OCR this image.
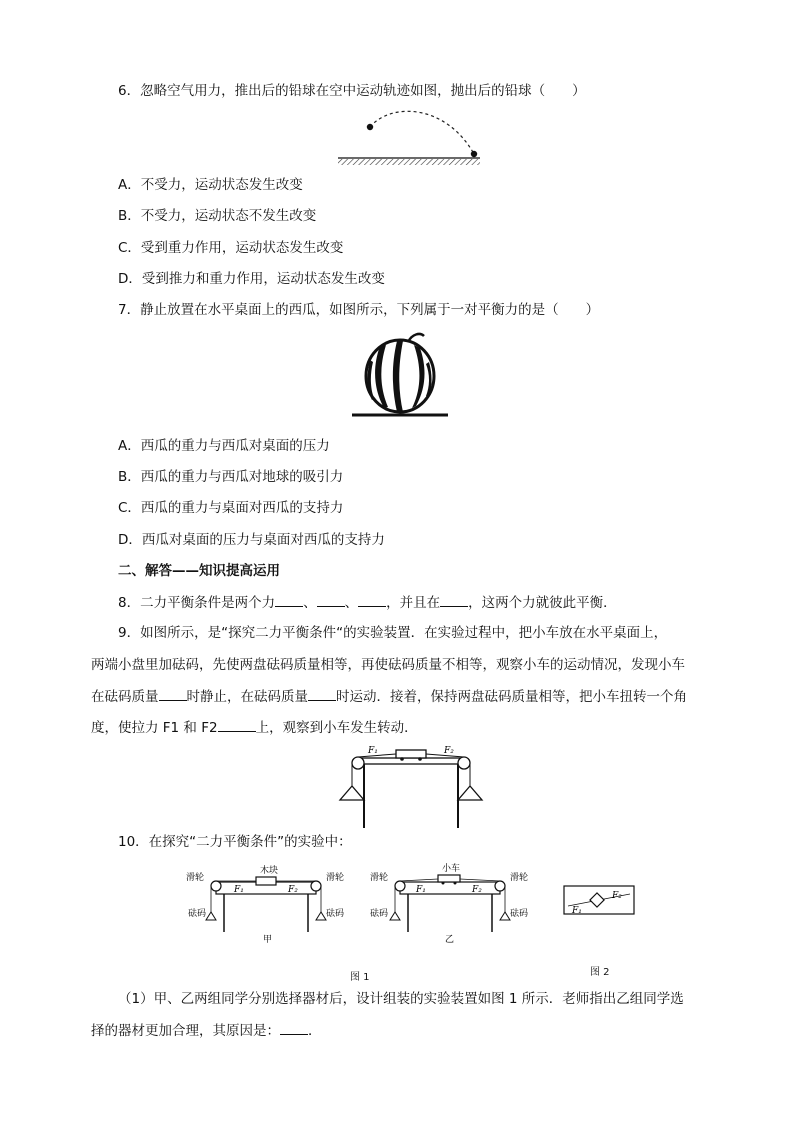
6．忽略空气用力，推出后的铅球在空中运动轨迹如图，抛出后的铅球（　　）
A．不受力，运动状态发生改变
B．不受力，运动状态不发生改变
C．受到重力作用，运动状态发生改变
D．受到推力和重力作用，运动状态发生改变
7．静止放置在水平桌面上的西瓜，如图所示，下列属于一对平衡力的是（　　）
A．西瓜的重力与西瓜对桌面的压力
B．西瓜的重力与西瓜对地球的吸引力
C．西瓜的重力与桌面对西瓜的支持力
D．西瓜对桌面的压力与桌面对西瓜的支持力
二、解答——知识提高运用
8．二力平衡条件是两个力 、 、 ，并且在 ，这两个力就彼此平衡．
9．如图所示，是“探究二力平衡条件“的实验装置．在实验过程中，把小车放在水平桌面上，
两端小盘里加砝码，先使两盘砝码质量相等，再使砝码质量不相等，观察小车的运动情况，发现小车
在砝码质量 时静止，在砝码质量 时运动．接着，保持两盘砝码质量相等，把小车扭转一个角
度，使拉力 F1 和 F2	上，观察到小车发生转动．
F₁	F₂
10．在探究“二力平衡条件”的实验中：
木块
滑轮	滑轮
砝码	砝码
F₁	F₂
甲
小车
滑轮	滑轮
砝码	砝码
F₁	F₂
乙
F₁
F₂
图 1	图 2
（1）甲、乙两组同学分别选择器材后，设计组装的实验装置如图 1 所示．老师指出乙组同学选
择的器材更加合理，其原因是： ．
